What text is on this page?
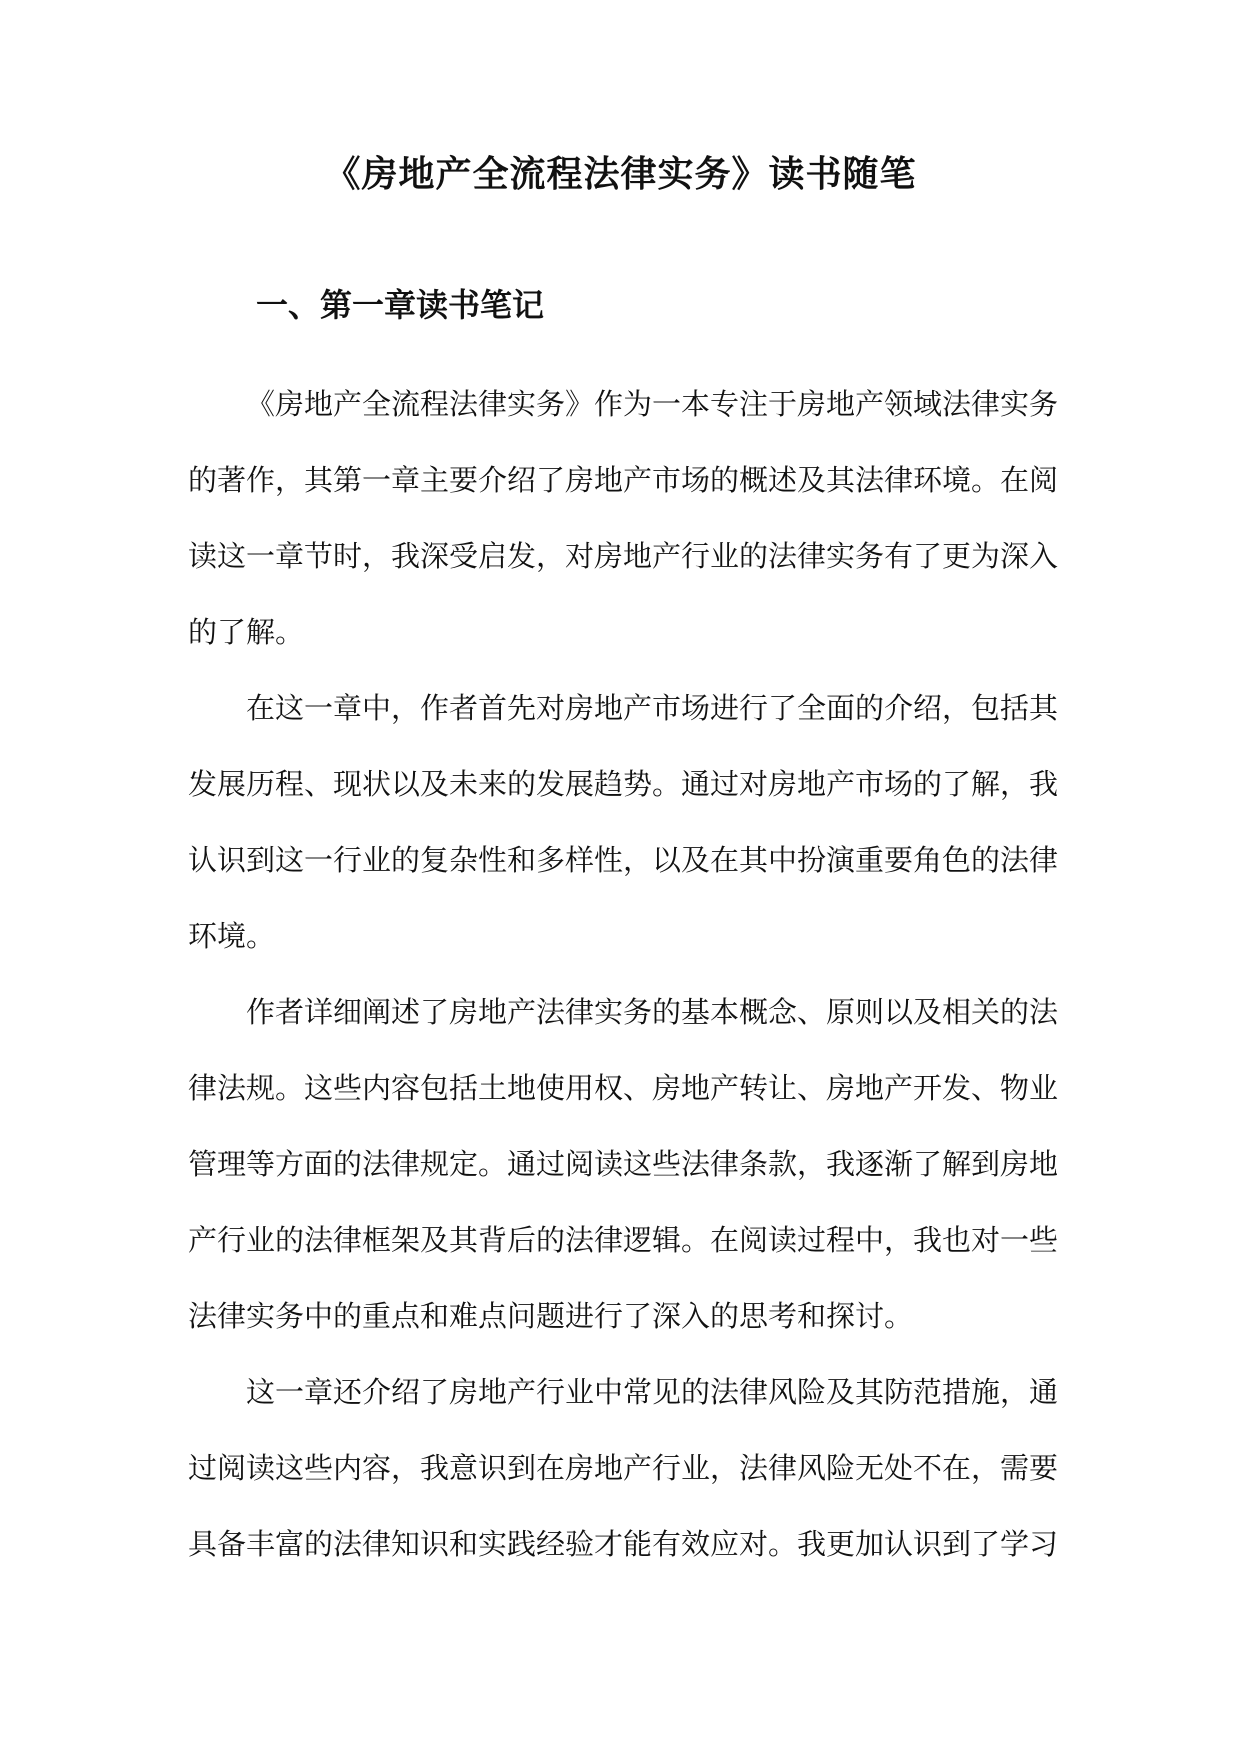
《房地产全流程法律实务》读书随笔
一、第一章读书笔记

《房地产全流程法律实务》作为一本专注于房地产领域法律实务的著作，其第一章主要介绍了房地产市场的概述及其法律环境。在阅读这一章节时，我深受启发，对房地产行业的法律实务有了更为深入的了解。

在这一章中，作者首先对房地产市场进行了全面的介绍，包括其发展历程、现状以及未来的发展趋势。通过对房地产市场的了解，我认识到这一行业的复杂性和多样性，以及在其中扮演重要角色的法律环境。

作者详细阐述了房地产法律实务的基本概念、原则以及相关的法律法规。这些内容包括土地使用权、房地产转让、房地产开发、物业管理等方面的法律规定。通过阅读这些法律条款，我逐渐了解到房地产行业的法律框架及其背后的法律逻辑。在阅读过程中，我也对一些法律实务中的重点和难点问题进行了深入的思考和探讨。

这一章还介绍了房地产行业中常见的法律风险及其防范措施，通过阅读这些内容，我意识到在房地产行业，法律风险无处不在，需要具备丰富的法律知识和实践经验才能有效应对。我更加认识到了学习
